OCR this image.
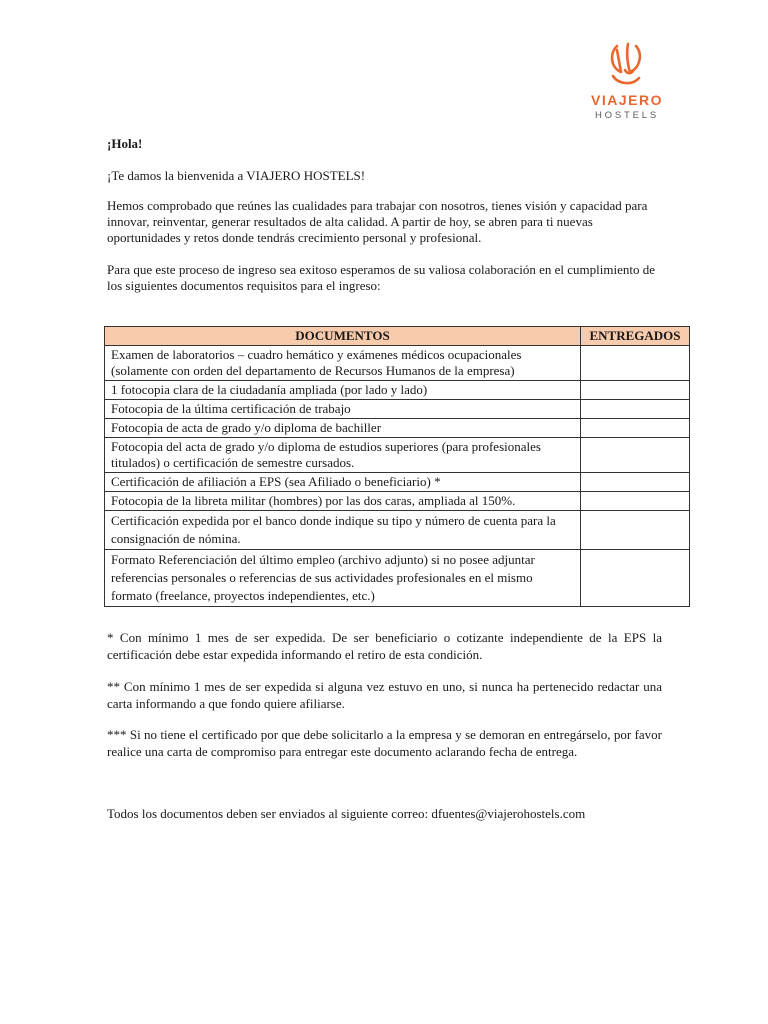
VIAJERO
HOSTELS

¡Hola!

¡Te damos la bienvenida a VIAJERO HOSTELS!

Hemos comprobado que reúnes las cualidades para trabajar con nosotros, tienes visión y capacidad para innovar, reinventar, generar resultados de alta calidad. A partir de hoy, se abren para ti nuevas oportunidades y retos donde tendrás crecimiento personal y profesional.

Para que este proceso de ingreso sea exitoso esperamos de su valiosa colaboración en el cumplimiento de los siguientes documentos requisitos para el ingreso:

DOCUMENTOS	ENTREGADOS
Examen de laboratorios – cuadro hemático y exámenes médicos ocupacionales (solamente con orden del departamento de Recursos Humanos de la empresa)	
1 fotocopia clara de la ciudadanía ampliada (por lado y lado)	
Fotocopia de la última certificación de trabajo	
Fotocopia de acta de grado y/o diploma de bachiller	
Fotocopia del acta de grado y/o diploma de estudios superiores (para profesionales titulados) o certificación de semestre cursados.	
Certificación de afiliación a EPS (sea Afiliado o beneficiario) *	
Fotocopia de la libreta militar (hombres) por las dos caras, ampliada al 150%.	
Certificación expedida por el banco donde indique su tipo y número de cuenta para la consignación de nómina.	
Formato Referenciación del último empleo (archivo adjunto) si no posee adjuntar referencias personales o referencias de sus actividades profesionales en el mismo formato (freelance, proyectos independientes, etc.)	

* Con mínimo 1 mes de ser expedida. De ser beneficiario o cotizante independiente de la EPS la certificación debe estar expedida informando el retiro de esta condición.

** Con mínimo 1 mes de ser expedida si alguna vez estuvo en uno, si nunca ha pertenecido redactar una carta informando a que fondo quiere afiliarse.

*** Si no tiene el certificado por que debe solicitarlo a la empresa y se demoran en entregárselo, por favor realice una carta de compromiso para entregar este documento aclarando fecha de entrega.

Todos los documentos deben ser enviados al siguiente correo: dfuentes@viajerohostels.com
